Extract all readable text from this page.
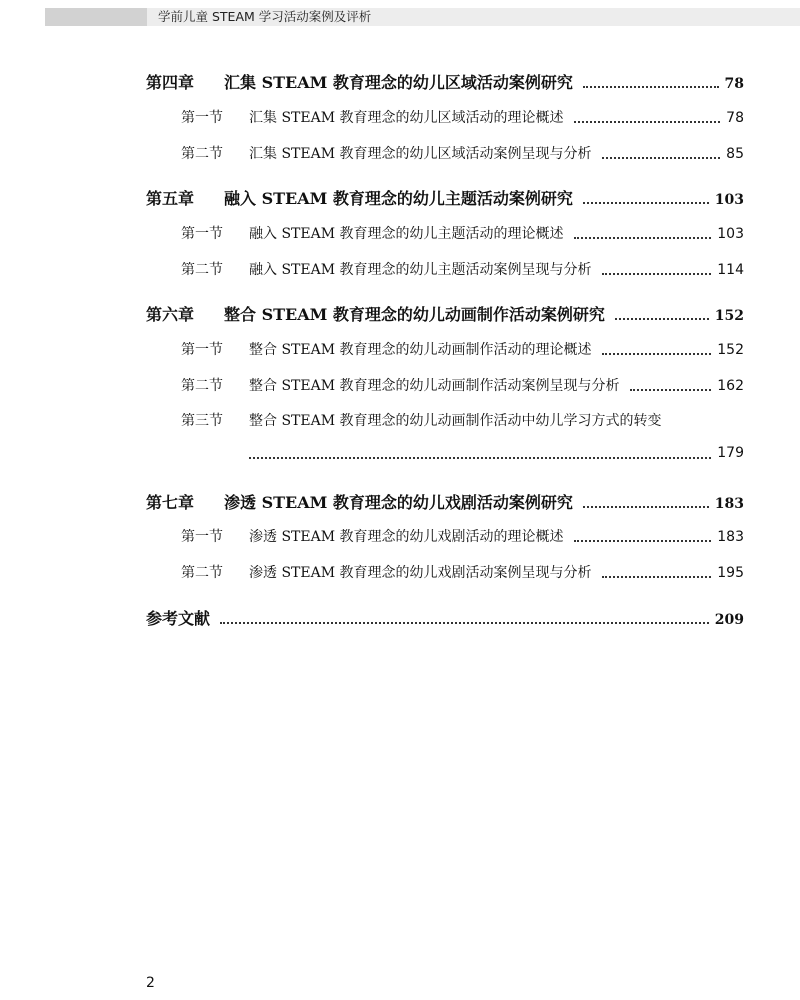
学前儿童 STEAM 学习活动案例及评析
第四章	汇集 STEAM 教育理念的幼儿区域活动案例研究	78
第一节	汇集 STEAM 教育理念的幼儿区域活动的理论概述	78
第二节	汇集 STEAM 教育理念的幼儿区域活动案例呈现与分析	85
第五章	融入 STEAM 教育理念的幼儿主题活动案例研究	103
第一节	融入 STEAM 教育理念的幼儿主题活动的理论概述	103
第二节	融入 STEAM 教育理念的幼儿主题活动案例呈现与分析	114
第六章	整合 STEAM 教育理念的幼儿动画制作活动案例研究	152
第一节	整合 STEAM 教育理念的幼儿动画制作活动的理论概述	152
第二节	整合 STEAM 教育理念的幼儿动画制作活动案例呈现与分析	162
第三节	整合 STEAM 教育理念的幼儿动画制作活动中幼儿学习方式的转变
179
第七章	渗透 STEAM 教育理念的幼儿戏剧活动案例研究	183
第一节	渗透 STEAM 教育理念的幼儿戏剧活动的理论概述	183
第二节	渗透 STEAM 教育理念的幼儿戏剧活动案例呈现与分析	195
参考文献	209
2
